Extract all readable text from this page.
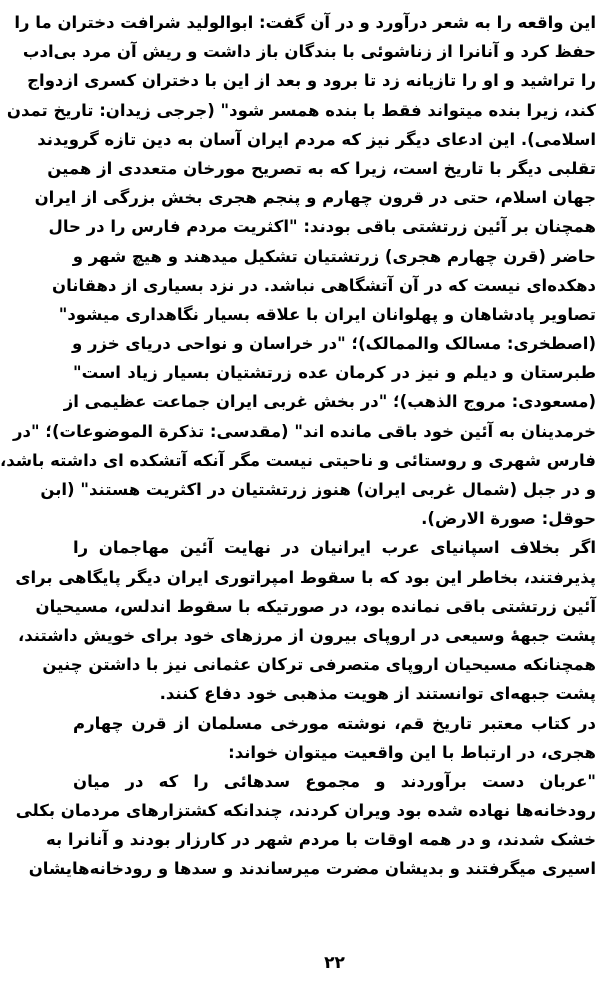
این واقعه را به شعر درآورد و در آن گفت: ابوالولید شرافت دختران ما را
حفظ کرد و آنانرا از زناشوئی با بندگان باز داشت و ریش آن مرد بی‌ادب
را تراشید و او را تازیانه زد تا برود و بعد از این با دختران کسری ازدواج
کند، زیرا بنده میتواند فقط با بنده همسر شود" (جرجی زیدان: تاریخ تمدن
اسلامی). این ادعای دیگر نیز که مردم ایران آسان به دین تازه گرویدند
تقلبی دیگر با تاریخ است، زیرا که به تصریح مورخان متعددی از همین
جهان اسلام، حتی در قرون چهارم و پنجم هجری بخش بزرگی از ایران
همچنان بر آئین زرتشتی باقی بودند: "اکثریت مردم فارس را در حال
حاضر (قرن چهارم هجری) زرتشتیان تشکیل میدهند و هیچ شهر و
دهکده‌ای نیست که در آن آتشگاهی نباشد. در نزد بسیاری از دهقانان
تصاویر پادشاهان و پهلوانان ایران با علاقه بسیار نگاهداری میشود"
(اصطخری: مسالک والممالک)؛ "در خراسان و نواحی دریای خزر و
طبرستان و دیلم و نیز در کرمان عده زرتشتیان بسیار زیاد است"
(مسعودی: مروج الذهب)؛ "در بخش غربی ایران جماعت عظیمی از
خرمدینان به آئین خود باقی مانده اند" (مقدسی: تذکرة الموضوعات)؛ "در
فارس شهری و روستائی و ناحیتی نیست مگر آنکه آتشکده ای داشته باشد،
و در جبل (شمال غربی ایران) هنوز زرتشتیان در اکثریت هستند" (ابن
حوقل: صورة الارض).
اگر بخلاف اسپانیای عرب ایرانیان در نهایت آئین مهاجمان را
پذیرفتند، بخاطر این بود که با سقوط امپراتوری ایران دیگر پایگاهی برای
آئین زرتشتی باقی نمانده بود، در صورتیکه با سقوط اندلس، مسیحیان
پشت جبهۀ وسیعی در اروپای بیرون از مرزهای خود برای خویش داشتند،
همچنانکه مسیحیان اروپای متصرفی ترکان عثمانی نیز با داشتن چنین
پشت جبهه‌ای توانستند از هویت مذهبی خود دفاع کنند.
در کتاب معتبر تاریخ قم، نوشته مورخی مسلمان از قرن چهارم
هجری، در ارتباط با این واقعیت میتوان خواند:
"عربان دست برآوردند و مجموع سدهائی را که در میان
رودخانه‌ها نهاده شده بود ویران کردند، چندانکه کشتزارهای مردمان بکلی
خشک شدند، و در همه اوقات با مردم شهر در کارزار بودند و آنانرا به
اسیری میگرفتند و بدیشان مضرت میرساندند و سدها و رودخانه‌هایشان
۲۲
